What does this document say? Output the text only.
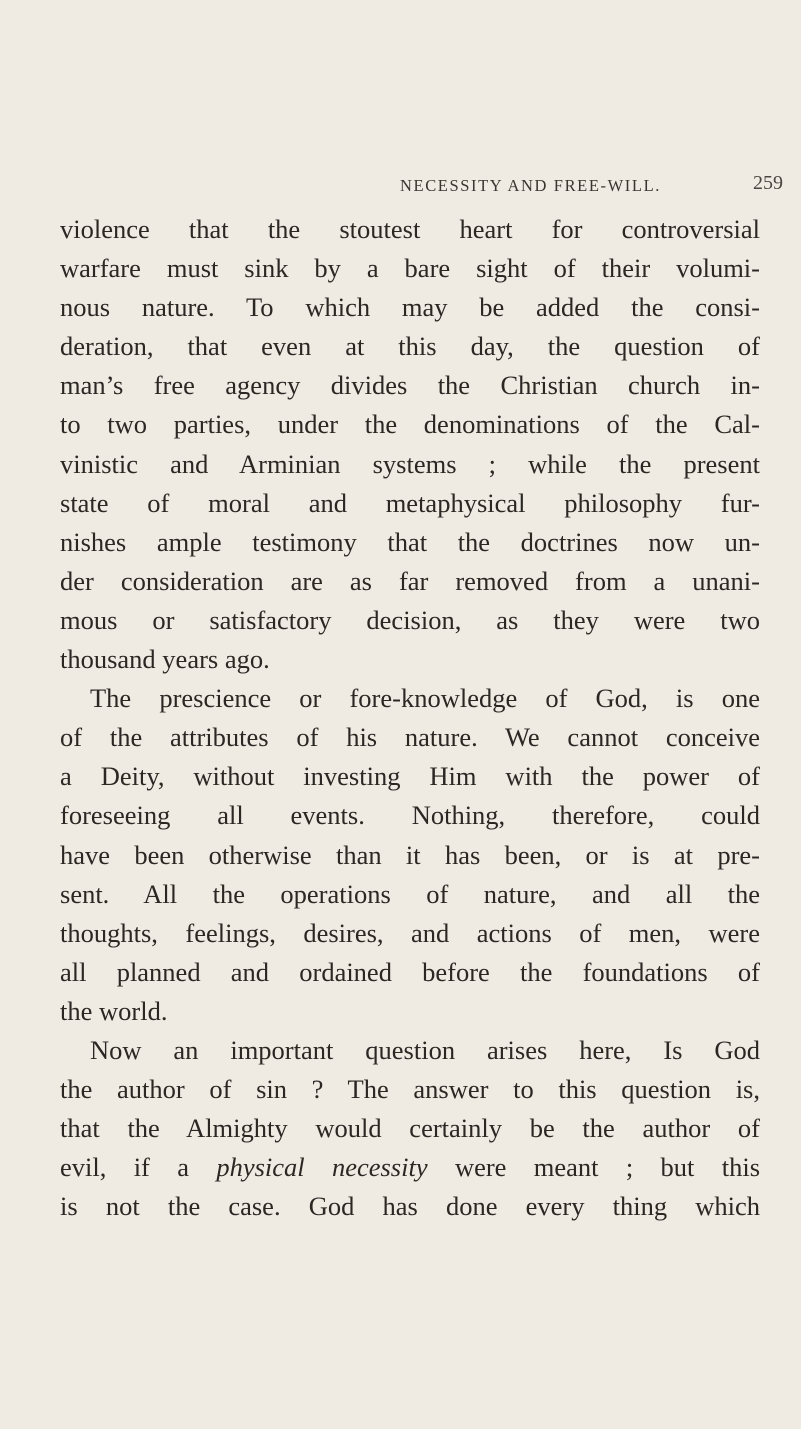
NECESSITY AND FREE-WILL.	259
violence that the stoutest heart for controversial
warfare must sink by a bare sight of their volumi-
nous nature. To which may be added the consi-
deration, that even at this day, the question of
man’s free agency divides the Christian church in-
to two parties, under the denominations of the Cal-
vinistic and Arminian systems ; while the present
state of moral and metaphysical philosophy fur-
nishes ample testimony that the doctrines now un-
der consideration are as far removed from a unani-
mous or satisfactory decision, as they were two
thousand years ago.
The prescience or fore-knowledge of God, is one
of the attributes of his nature. We cannot conceive
a Deity, without investing Him with the power of
foreseeing all events. Nothing, therefore, could
have been otherwise than it has been, or is at pre-
sent. All the operations of nature, and all the
thoughts, feelings, desires, and actions of men, were
all planned and ordained before the foundations of
the world.
Now an important question arises here, Is God
the author of sin ? The answer to this question is,
that the Almighty would certainly be the author of
evil, if a physical necessity were meant ; but this
is not the case. God has done every thing which
